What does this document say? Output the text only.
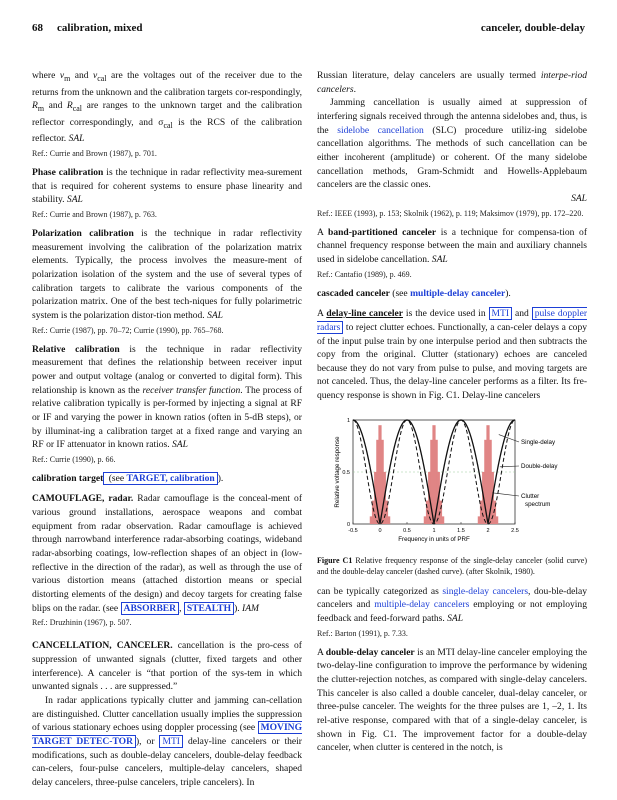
68 calibration, mixed	canceler, double-delay

where $v_m$ and $v_{cal}$ are the voltages out of the receiver due to the returns from the unknown and the calibration targets cor-respondingly, $R_m$ and $R_{cal}$ are ranges to the unknown target and the calibration reflector correspondingly, and $\sigma_{cal}$ is the RCS of the calibration reflector. SAL

Ref.: Currie and Brown (1987), p. 701.

Phase calibration is the technique in radar reflectivity mea-surement that is required for coherent systems to ensure phase linearity and stability. SAL

Ref.: Currie and Brown (1987), p. 763.

Polarization calibration is the technique in radar reflectivity measurement involving the calibration of the polarization matrix elements. Typically, the process involves the measure-ment of polarization isolation of the system and the use of several types of calibration targets to calibrate the various components of the polarization matrix. One of the best tech-niques for fully polarimetric system is the polarization distor-tion method. SAL

Ref.: Currie (1987), pp. 70–72; Currie (1990), pp. 765–768.

Relative calibration is the technique in radar reflectivity measurement that defines the relationship between receiver input power and output voltage (analog or converted to digital form). This relationship is known as the receiver transfer function. The process of relative calibration typically is per-formed by injecting a signal at RF or IF and varying the power in known ratios (often in 5-dB steps), or by illuminat-ing a calibration target at a fixed range and varying an RF or IF attenuator in known ratios. SAL

Ref.: Currie (1990), p. 66.

calibration target (see TARGET, calibration ).

CAMOUFLAGE, radar. Radar camouflage is the conceal-ment of various ground installations, aerospace weapons and combat equipment from radar observation. Radar camouflage is achieved through narrowband interference radar-absorbing coatings, wideband radar-absorbing coatings, low-reflection shapes of an object in (low-reflective in the direction of the radar), as well as through the use of various distortion means (attached distortion means or special distorting elements of the design) and decoy targets for creating false blips on the radar. (see ABSORBER , STEALTH ). IAM

Ref.: Druzhinin (1967), p. 507.

CANCELLATION, CANCELER. cancellation is the pro-cess of suppression of unwanted signals (clutter, fixed targets and other interference). A canceler is “that portion of the sys-tem in which unwanted signals . . . are suppressed.”

In radar applications typically clutter and jamming can-cellation are distinguished. Clutter cancellation usually implies the suppression of various stationary echoes using doppler processing (see MOVING TARGET DETEC-TOR ), or MTI delay-line cancelers or their modifications, such as double-delay cancelers, double-delay feedback can-celers, four-pulse cancelers, multiple-delay cancelers, shaped delay cancelers, three-pulse cancelers, triple cancelers). In

Russian literature, delay cancelers are usually termed interpe-riod cancelers.

Jamming cancellation is usually aimed at suppression of interfering signals received through the antenna sidelobes and, thus, is the sidelobe cancellation (SLC) procedure utiliz-ing sidelobe cancellation algorithms. The methods of such cancellation can be either incoherent (amplitude) or coherent. Of the many sidelobe cancellation methods, Gram-Schmidt and Howells-Applebaum cancelers are the classic ones.

SAL

Ref.: IEEE (1993), p. 153; Skolnik (1962), p. 119; Maksimov (1979), pp. 172–220.

A band-partitioned canceler is a technique for compensa-tion of channel frequency response between the main and auxiliary channels used in sidelobe cancellation. SAL

Ref.: Cantafio (1989), p. 469.

cascaded canceler (see multiple-delay canceler).

A delay-line canceler is the device used in MTI and pulse doppler radars to reject clutter echoes. Functionally, a can-celer delays a copy of the input pulse train by one interpulse period and then subtracts the copy from the original. Clutter (stationary) echoes are canceled because they do not vary from pulse to pulse, and moving targets are not canceled. Thus, the delay-line canceler performs as a filter. Its fre-quency response is shown in Fig. C1. Delay-line cancelers

-0.5	0	0.5	1	1.5	2	2.5
0
0.5
1
Frequency in units of PRF
Relative voltage response	Single-delay
Double-delay
Clutter
spectrum

Figure C1 Relative frequency response of the single-delay canceler (solid curve) and the double-delay canceler (dashed curve). (after Skolnik, 1980).

can be typically categorized as single-delay cancelers, dou-ble-delay cancelers and multiple-delay cancelers employing or not employing feedback and feed-forward paths. SAL

Ref.: Barton (1991), p. 7.33.

A double-delay canceler is an MTI delay-line canceler employing the two-delay-line configuration to improve the performance by widening the clutter-rejection notches, as compared with single-delay cancelers. This canceler is also called a double canceler, dual-delay canceler, or three-pulse canceler. The weights for the three pulses are 1, –2, 1. Its rel-ative response, compared with that of a single-delay canceler, is shown in Fig. C1. The improvement factor for a double-delay canceler, when clutter is centered in the notch, is
